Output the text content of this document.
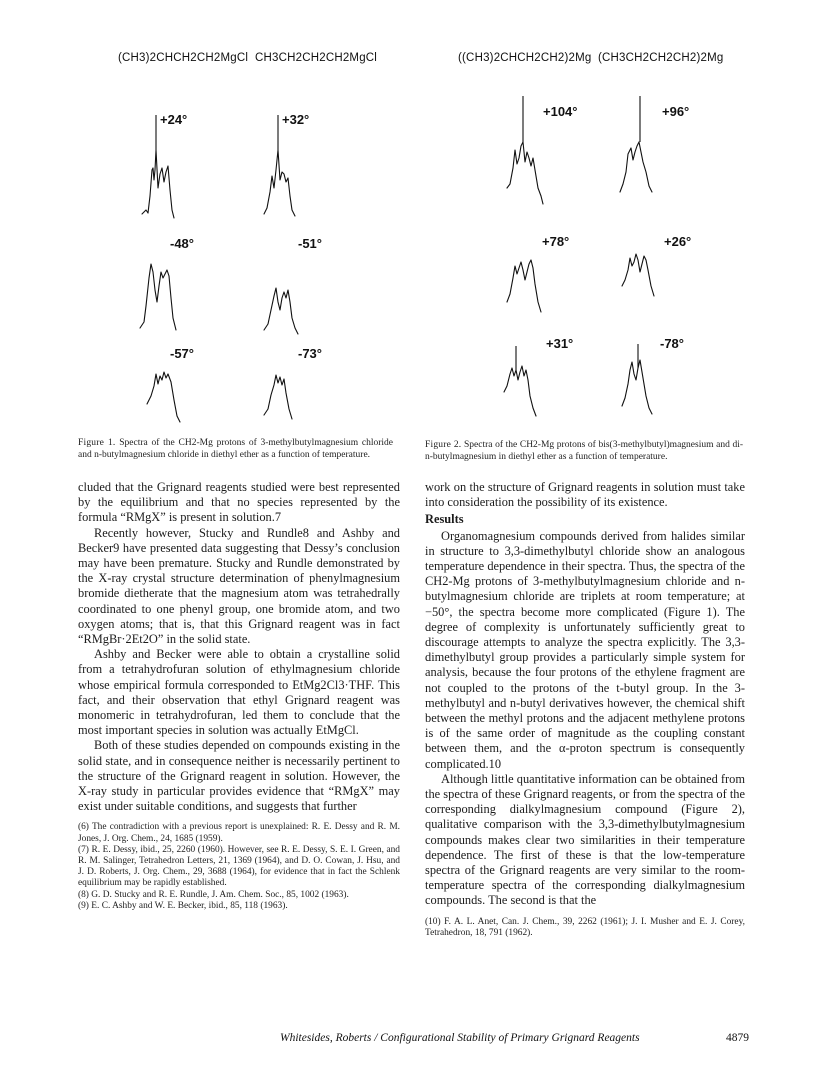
(CH3)2CHCH2CH2MgCl CH3CH2CH2CH2MgCl
+24°	+32°
-48°	-51°
-57°	-73°
Figure 1. Spectra of the CH2-Mg protons of 3-methylbutylmagnesium chloride and n-butylmagnesium chloride in diethyl ether as a function of temperature.
((CH3)2CHCH2CH2)2Mg (CH3CH2CH2CH2)2Mg
+104°	+96°
+78°	+26°
+31°	-78°
Figure 2. Spectra of the CH2-Mg protons of bis(3-methylbutyl)magnesium and di-n-butylmagnesium in diethyl ether as a function of temperature.

cluded that the Grignard reagents studied were best represented by the equilibrium and that no species represented by the formula “RMgX” is present in solution.7

Recently however, Stucky and Rundle8 and Ashby and Becker9 have presented data suggesting that Dessy’s conclusion may have been premature. Stucky and Rundle demonstrated by the X-ray crystal structure determination of phenylmagnesium bromide dietherate that the magnesium atom was tetrahedrally coordinated to one phenyl group, one bromide atom, and two oxygen atoms; that is, that this Grignard reagent was in fact “RMgBr·2Et2O” in the solid state.

Ashby and Becker were able to obtain a crystalline solid from a tetrahydrofuran solution of ethylmagnesium chloride whose empirical formula corresponded to EtMg2Cl3·THF. This fact, and their observation that ethyl Grignard reagent was monomeric in tetrahydrofuran, led them to conclude that the most important species in solution was actually EtMgCl.

Both of these studies depended on compounds existing in the solid state, and in consequence neither is necessarily pertinent to the structure of the Grignard reagent in solution. However, the X-ray study in particular provides evidence that “RMgX” may exist under suitable conditions, and suggests that further

(6) The contradiction with a previous report is unexplained: R. E. Dessy and R. M. Jones, J. Org. Chem., 24, 1685 (1959).
(7) R. E. Dessy, ibid., 25, 2260 (1960). However, see R. E. Dessy, S. E. I. Green, and R. M. Salinger, Tetrahedron Letters, 21, 1369 (1964), and D. O. Cowan, J. Hsu, and J. D. Roberts, J. Org. Chem., 29, 3688 (1964), for evidence that in fact the Schlenk equilibrium may be rapidly established.
(8) G. D. Stucky and R. E. Rundle, J. Am. Chem. Soc., 85, 1002 (1963).
(9) E. C. Ashby and W. E. Becker, ibid., 85, 118 (1963).

work on the structure of Grignard reagents in solution must take into consideration the possibility of its existence.

Results

Organomagnesium compounds derived from halides similar in structure to 3,3-dimethylbutyl chloride show an analogous temperature dependence in their spectra. Thus, the spectra of the CH2-Mg protons of 3-methylbutylmagnesium chloride and n-butylmagnesium chloride are triplets at room temperature; at −50°, the spectra become more complicated (Figure 1). The degree of complexity is unfortunately sufficiently great to discourage attempts to analyze the spectra explicitly. The 3,3-dimethylbutyl group provides a particularly simple system for analysis, because the four protons of the ethylene fragment are not coupled to the protons of the t-butyl group. In the 3-methylbutyl and n-butyl derivatives however, the chemical shift between the methyl protons and the adjacent methylene protons is of the same order of magnitude as the coupling constant between them, and the α-proton spectrum is consequently complicated.10

Although little quantitative information can be obtained from the spectra of these Grignard reagents, or from the spectra of the corresponding dialkylmagnesium compound (Figure 2), qualitative comparison with the 3,3-dimethylbutylmagnesium compounds makes clear two similarities in their temperature dependence. The first of these is that the low-temperature spectra of the Grignard reagents are very similar to the room-temperature spectra of the corresponding dialkylmagnesium compounds. The second is that the

(10) F. A. L. Anet, Can. J. Chem., 39, 2262 (1961); J. I. Musher and E. J. Corey, Tetrahedron, 18, 791 (1962).
Whitesides, Roberts / Configurational Stability of Primary Grignard Reagents	4879
